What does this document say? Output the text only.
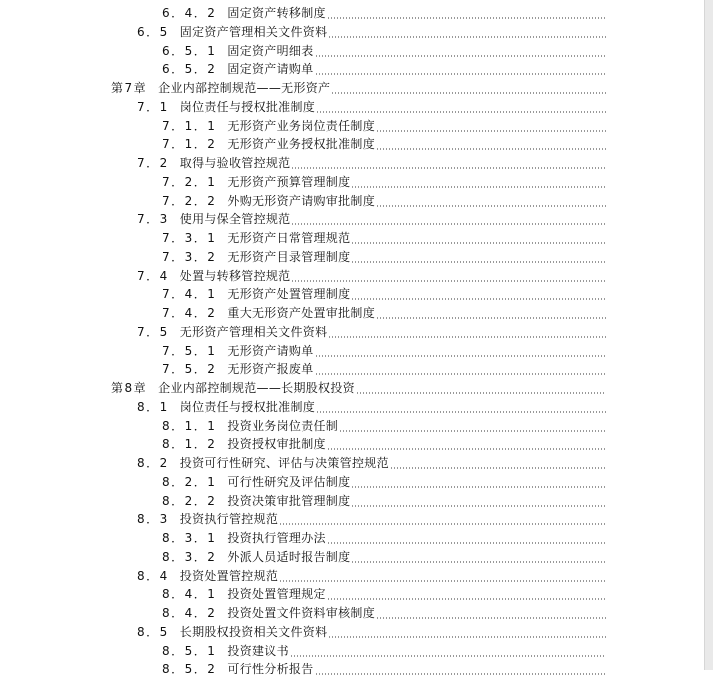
6．4．2 固定资产转移制度
6．5 固定资产管理相关文件资料
6．5．1 固定资产明细表
6．5．2 固定资产请购单
第7章 企业内部控制规范——无形资产
7．1 岗位责任与授权批准制度
7．1．1 无形资产业务岗位责任制度
7．1．2 无形资产业务授权批准制度
7．2 取得与验收管控规范
7．2．1 无形资产预算管理制度
7．2．2 外购无形资产请购审批制度
7．3 使用与保全管控规范
7．3．1 无形资产日常管理规范
7．3．2 无形资产目录管理制度
7．4 处置与转移管控规范
7．4．1 无形资产处置管理制度
7．4．2 重大无形资产处置审批制度
7．5 无形资产管理相关文件资料
7．5．1 无形资产请购单
7．5．2 无形资产报废单
第8章 企业内部控制规范——长期股权投资
8．1 岗位责任与授权批准制度
8．1．1 投资业务岗位责任制
8．1．2 投资授权审批制度
8．2 投资可行性研究、评估与决策管控规范
8．2．1 可行性研究及评估制度
8．2．2 投资决策审批管理制度
8．3 投资执行管控规范
8．3．1 投资执行管理办法
8．3．2 外派人员适时报告制度
8．4 投资处置管控规范
8．4．1 投资处置管理规定
8．4．2 投资处置文件资料审核制度
8．5 长期股权投资相关文件资料
8．5．1 投资建议书
8．5．2 可行性分析报告
